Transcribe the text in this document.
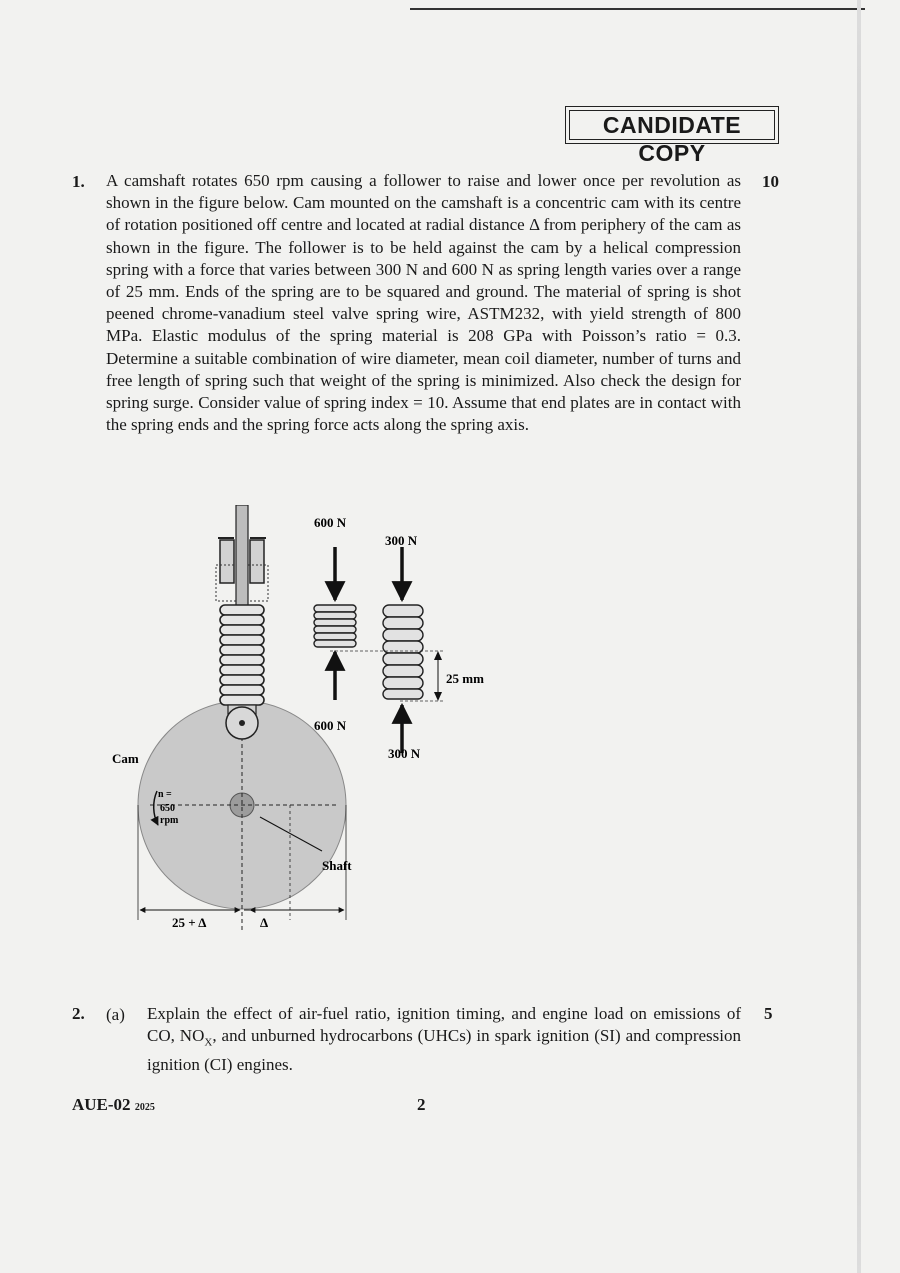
CANDIDATE COPY
1.	10

A camshaft rotates 650 rpm causing a follower to raise and lower once per revolution as shown in the figure below. Cam mounted on the camshaft is a concentric cam with its centre of rotation positioned off centre and located at radial distance Δ from periphery of the cam as shown in the figure. The follower is to be held against the cam by a helical compression spring with a force that varies between 300 N and 600 N as spring length varies over a range of 25 mm. Ends of the spring are to be squared and ground. The material of spring is shot peened chrome-vanadium steel valve spring wire, ASTM232, with yield strength of 800 MPa. Elastic modulus of the spring material is 208 GPa with Poisson’s ratio = 0.3. Determine a suitable combination of wire diameter, mean coil diameter, number of turns and free length of spring such that weight of the spring is minimized. Also check the design for spring surge. Consider value of spring index = 10. Assume that end plates are in contact with the spring ends and the spring force acts along the spring axis.

600 N
300 N
25 mm
600 N
300 N
Cam
n =
650
rpm
Shaft
25 + Δ	Δ
2. (a)	5

Explain the effect of air-fuel ratio, ignition timing, and engine load on emissions of CO, $NO_X$, and unburned hydrocarbons (UHCs) in spark ignition (SI) and compression ignition (CI) engines.

AUE-02 2025	2
